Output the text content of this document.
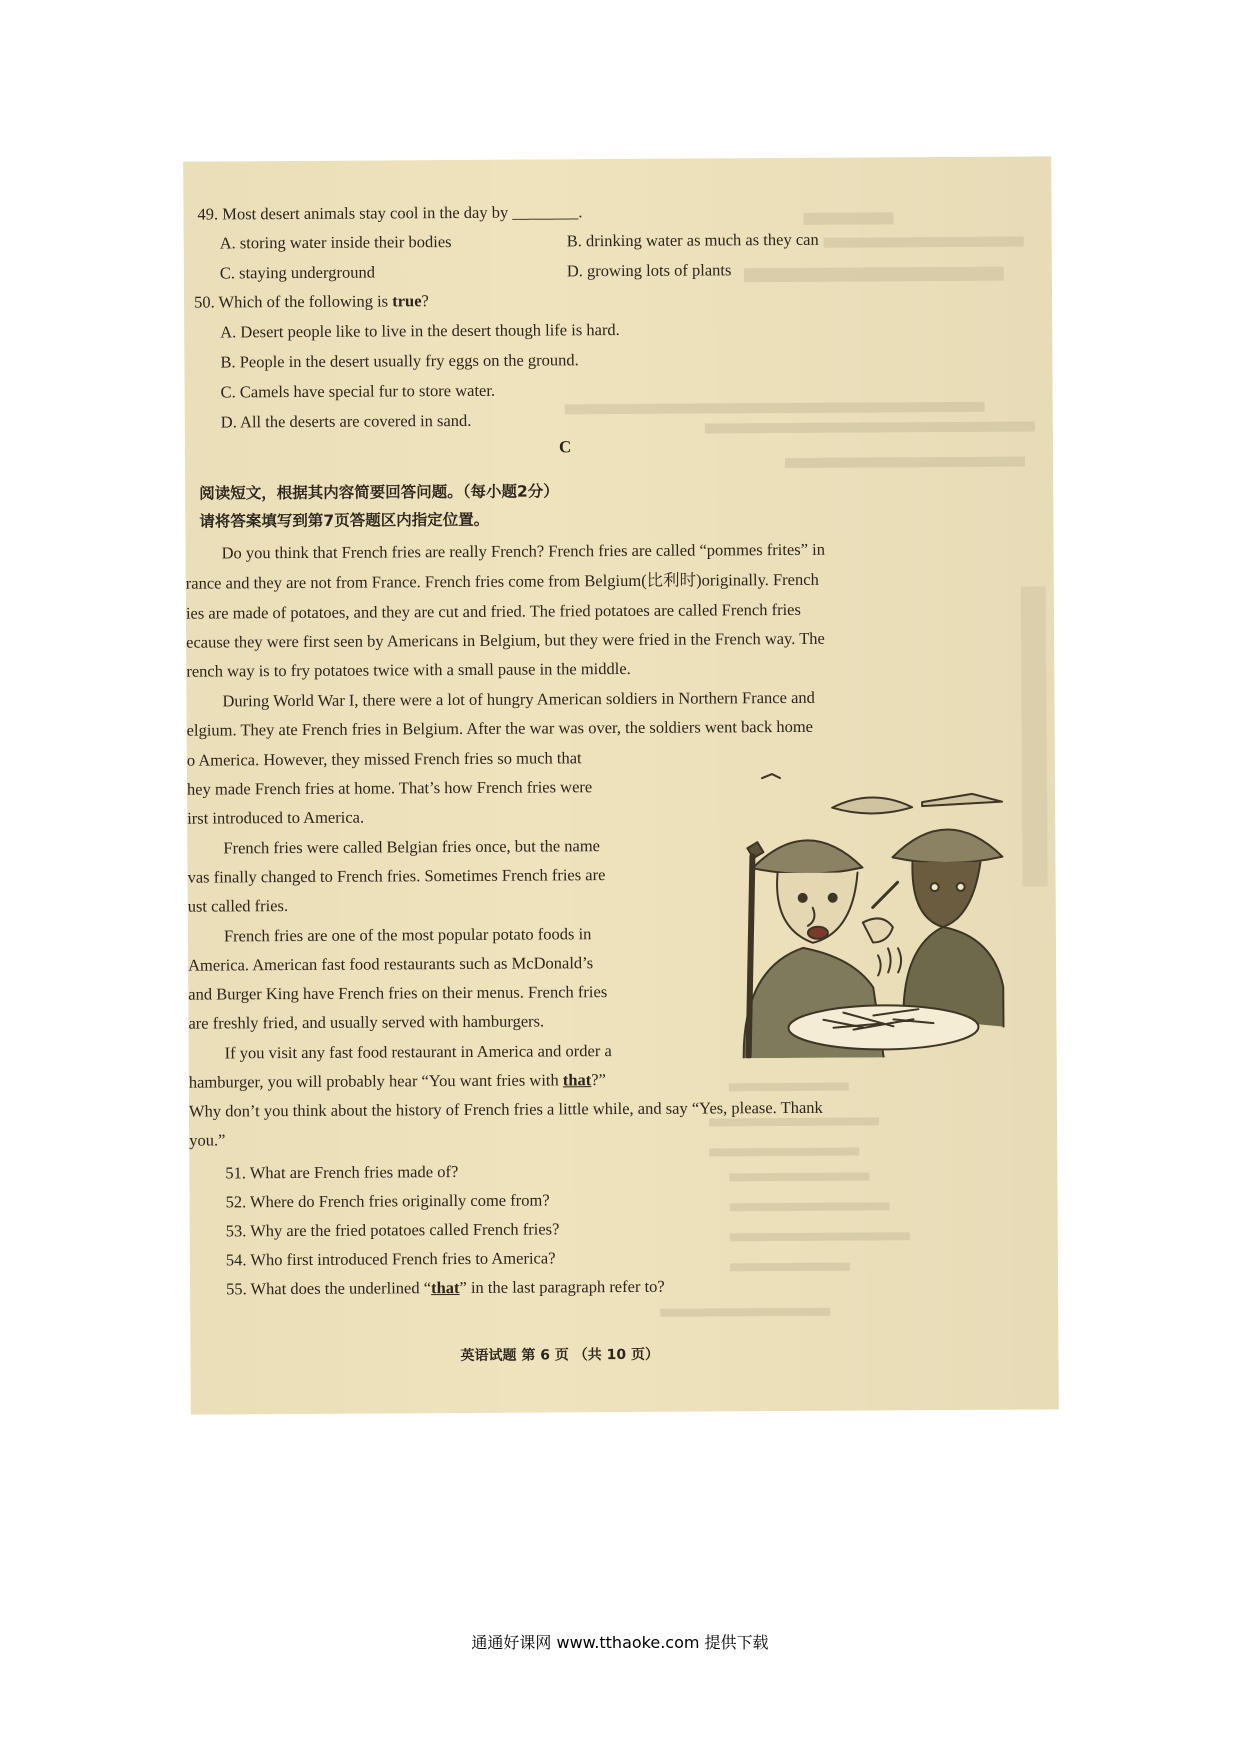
49. Most desert animals stay cool in the day by ________.
A. storing water inside their bodies	B. drinking water as much as they can
C. staying underground	D. growing lots of plants
50. Which of the following is true?
A. Desert people like to live in the desert though life is hard.
B. People in the desert usually fry eggs on the ground.
C. Camels have special fur to store water.
D. All the deserts are covered in sand.
C
阅读短文，根据其内容简要回答问题。（每小题2分）
请将答案填写到第7页答题区内指定位置。
Do you think that French fries are really French? French fries are called “pommes frites” in
rance and they are not from France. French fries come from Belgium(比利时)originally. French
ies are made of potatoes, and they are cut and fried. The fried potatoes are called French fries
ecause they were first seen by Americans in Belgium, but they were fried in the French way. The
rench way is to fry potatoes twice with a small pause in the middle.
During World War I, there were a lot of hungry American soldiers in Northern France and
elgium. They ate French fries in Belgium. After the war was over, the soldiers went back home
o America. However, they missed French fries so much that
hey made French fries at home. That’s how French fries were
irst introduced to America.
French fries were called Belgian fries once, but the name
vas finally changed to French fries. Sometimes French fries are
ust called fries.
French fries are one of the most popular potato foods in
America. American fast food restaurants such as McDonald’s
and Burger King have French fries on their menus. French fries
are freshly fried, and usually served with hamburgers.
If you visit any fast food restaurant in America and order a
hamburger, you will probably hear “You want fries with that?”
Why don’t you think about the history of French fries a little while, and say “Yes, please. Thank
you.”
51. What are French fries made of?
52. Where do French fries originally come from?
53. Why are the fried potatoes called French fries?
54. Who first introduced French fries to America?
55. What does the underlined “that” in the last paragraph refer to?
英语试题 第 6 页 （共 10 页）
通通好课网 www.tthaoke.com 提供下载
